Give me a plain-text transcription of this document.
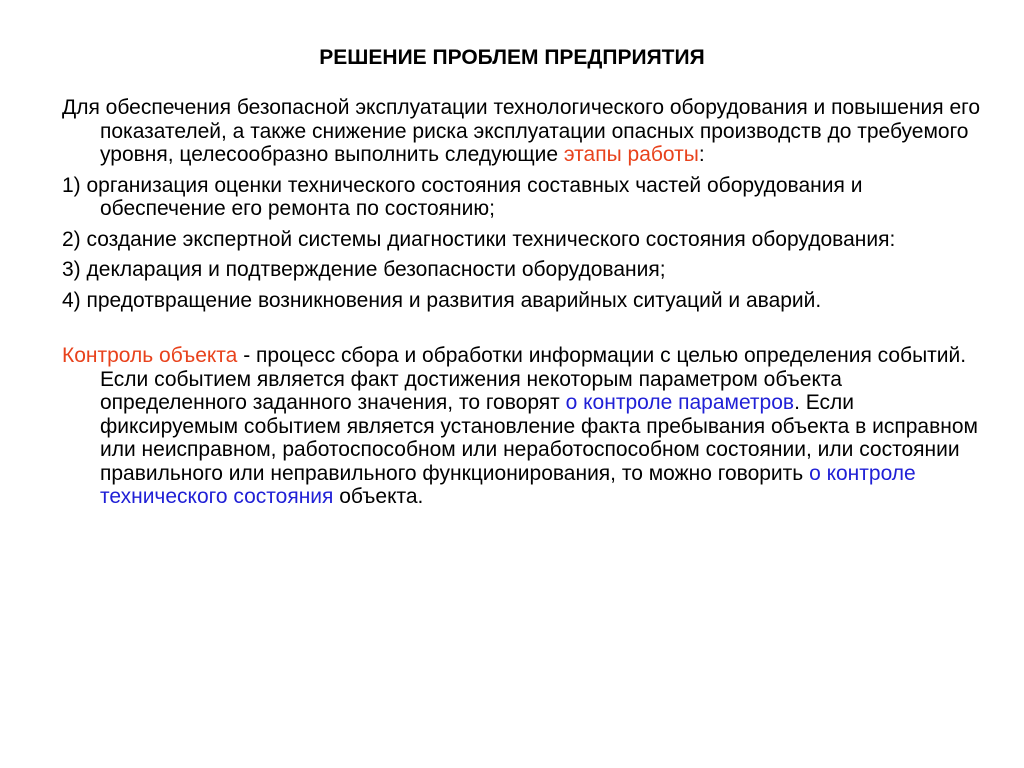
РЕШЕНИЕ ПРОБЛЕМ ПРЕДПРИЯТИЯ

Для обеспечения безопасной эксплуатации технологического оборудования и повышения его показателей, а также снижение риска эксплуатации опасных производств до требуемого уровня, целесообразно выполнить следующие этапы работы:

1) организация оценки технического состояния составных частей оборудования и обеспечение его ремонта по состоянию;

2) создание экспертной системы диагностики технического состояния оборудования:

3) декларация и подтверждение безопасности оборудования;

4) предотвращение возникновения и развития аварийных ситуаций и аварий.

Контроль объекта - процесс сбора и обработки информации с целью определения событий. Если событием является факт достижения некоторым параметром объекта определенного заданного значения, то говорят о контроле параметров. Если фиксируемым событием является установление факта пребывания объекта в исправном или неисправном, работоспособном или неработоспособном состоянии, или состоянии правильного или неправильного функционирования, то можно говорить о контроле технического состояния объекта.
